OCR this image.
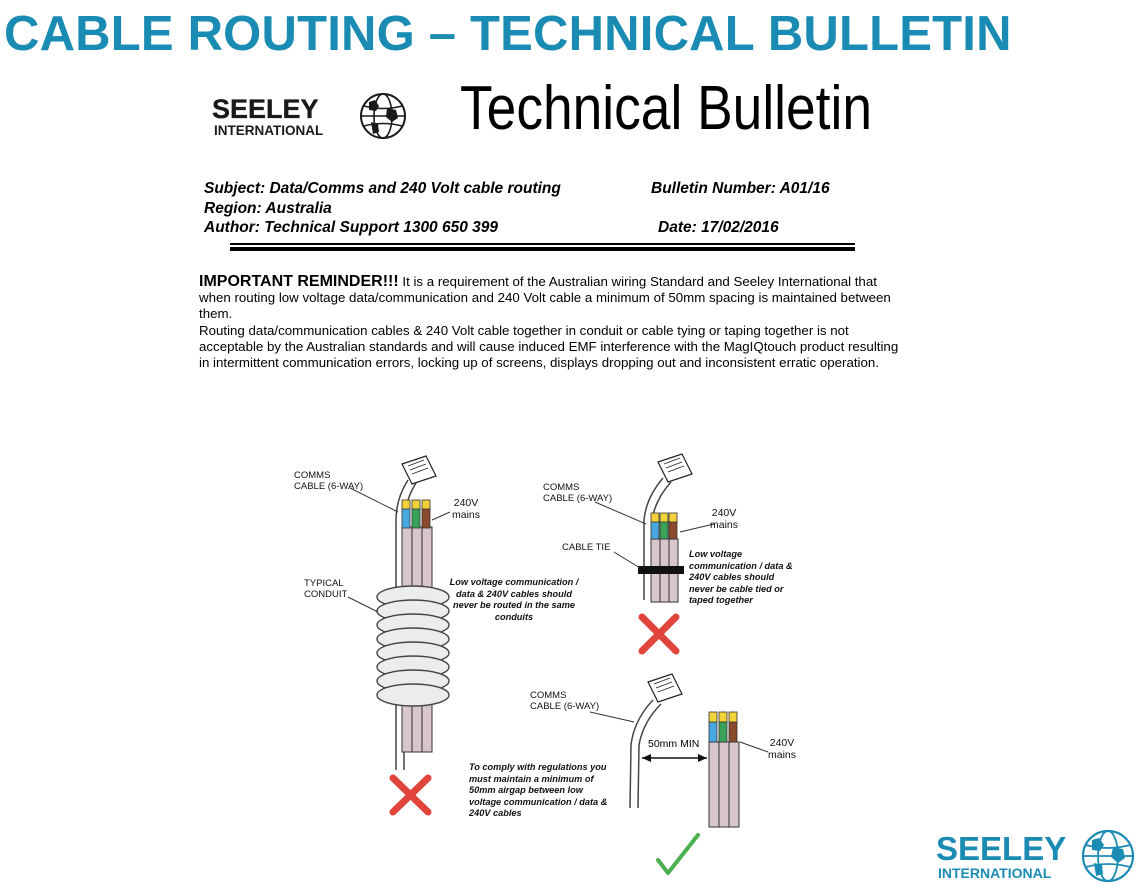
CABLE ROUTING – TECHNICAL BULLETIN
SEELEY
INTERNATIONAL Technical Bulletin
Subject: Data/Comms and 240 Volt cable routing	Bulletin Number: A01/16
Region: Australia
Author: Technical Support 1300 650 399	Date: 17/02/2016
IMPORTANT REMINDER!!! It is a requirement of the Australian wiring Standard and Seeley International that when routing low voltage data/communication and 240 Volt cable a minimum of 50mm spacing is maintained between them.
Routing data/communication cables & 240 Volt cable together in conduit or cable tying or taping together is not acceptable by the Australian standards and will cause induced EMF interference with the MagIQtouch product resulting in intermittent communication errors, locking up of screens, displays dropping out and inconsistent erratic operation.
COMMS
CABLE (6-WAY)
240V
mains
TYPICAL
CONDUIT
Low voltage communication / data & 240V cables should never be routed in the same conduits
COMMS
CABLE (6-WAY)
240V
mains
CABLE TIE
Low voltage communication / data & 240V cables should never be cable tied or taped together
COMMS
CABLE (6-WAY)
240V
mains
50mm MIN
To comply with regulations you must maintain a minimum of 50mm airgap between low voltage communication / data & 240V cables
SEELEY
INTERNATIONAL
